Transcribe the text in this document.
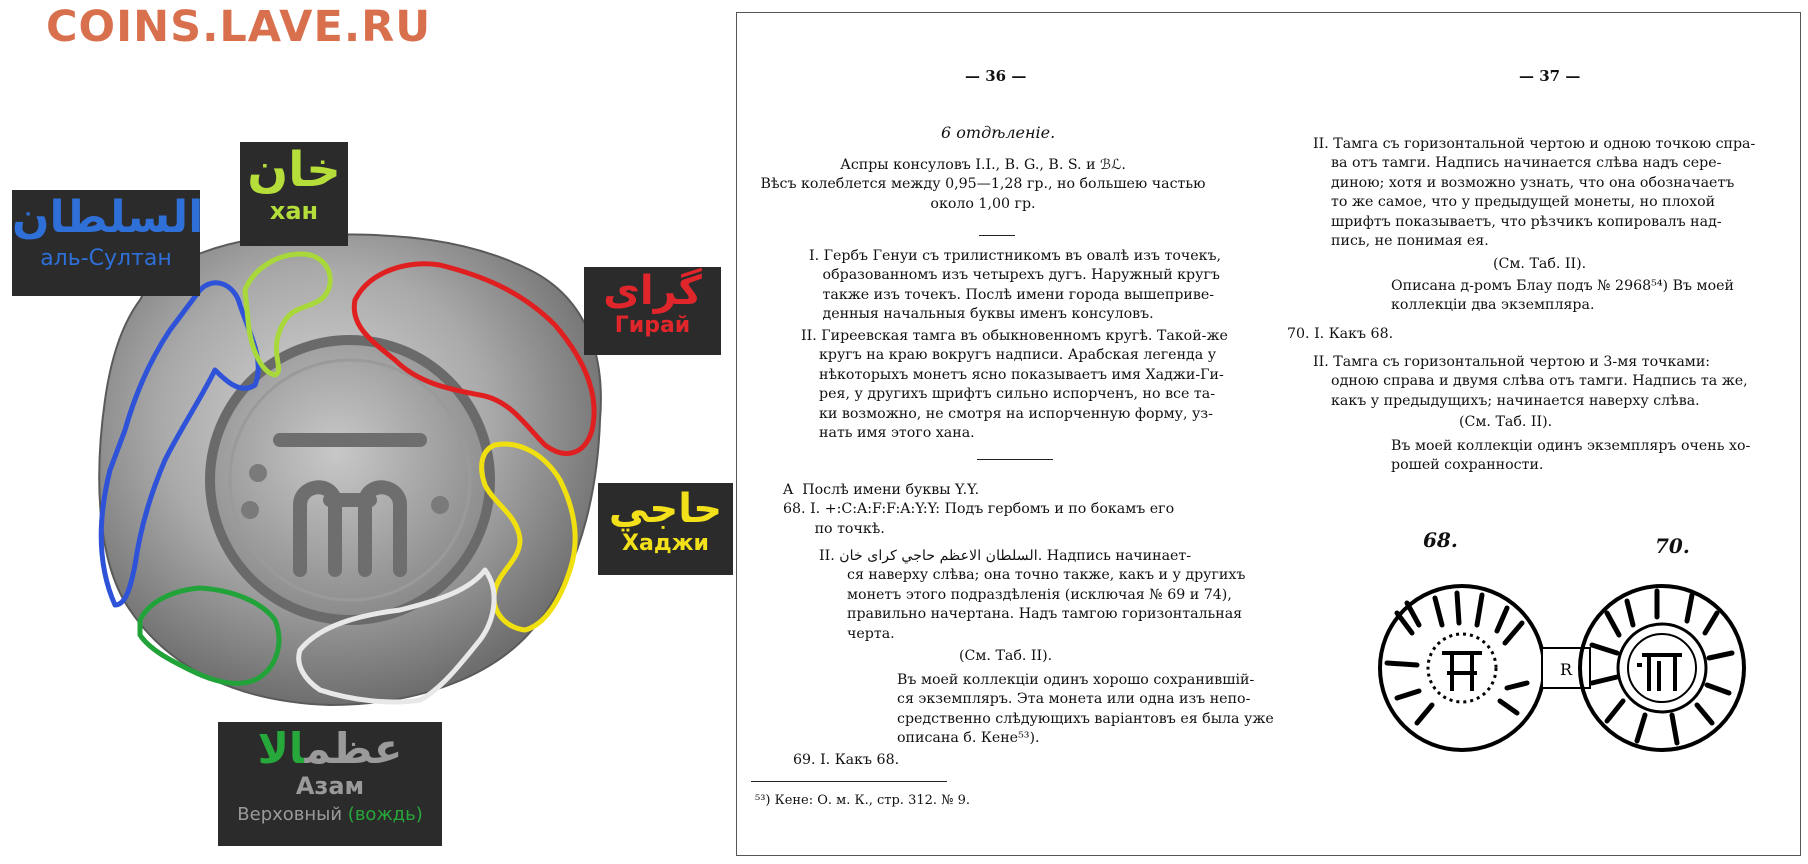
COINS.LAVE.RU
السلطان
аль-Султан
خان
хан
گرای
Гирай
حاجي
Хаджи
عظمالا
Азам
Верховный (вождь)
— 36 —
6 отдѣленіе.
Аспры консуловъ I.I., B. G., B. S. и ℬℒ.
Вѣсъ колеблется между 0,95—1,28 гр., но большею частью
около 1,00 гр.
I. Гербъ Генуи съ трилистникомъ въ овалѣ изъ точекъ,
образованномъ изъ четырехъ дугъ. Наружный кругъ
также изъ точекъ. Послѣ имени города вышеприве-
денныя начальныя буквы именъ консуловъ.
II. Гиреевская тамга въ обыкновенномъ кругѣ. Такой-же
кругъ на краю вокругъ надписи. Арабская легенда у
нѣкоторыхъ монетъ ясно показываетъ имя Хаджи-Ги-
рея, у другихъ шрифтъ сильно испорченъ, но все та-
ки возможно, не смотря на испорченную форму, уз-
нать имя этого хана.
A  Послѣ имени буквы Y.Y.
68. I. +:C:A:F:F:A:Y:Y: Подъ гербомъ и по бокамъ его
по точкѣ.
II. السلطان الاعظم حاجي كراى خان. Надпись начинает-
ся наверху слѣва; она точно также, какъ и у другихъ
монетъ этого подраздѣленія (исключая № 69 и 74),
правильно начертана. Надъ тамгою горизонтальная
черта.
(См. Таб. II).
Въ моей коллекціи одинъ хорошо сохранившій-
ся экземпляръ. Эта монета или одна изъ непо-
средственно слѣдующихъ варіантовъ ея была уже
описана б. Кене⁵³).
69. I. Какъ 68.
⁵³) Кене: О. м. К., стр. 312. № 9.
— 37 —
II. Тамга съ горизонтальной чертою и одною точкою спра-
ва отъ тамги. Надпись начинается слѣва надъ сере-
диною; хотя и возможно узнать, что она обозначаетъ
то же самое, что у предыдущей монеты, но плохой
шрифтъ показываетъ, что рѣзчикъ копировалъ над-
пись, не понимая ея.
(См. Таб. II).
Описана д-ромъ Блау подъ № 2968⁵⁴) Въ моей
коллекціи два экземпляра.
70. I. Какъ 68.
II. Тамга съ горизонтальной чертою и 3-мя точками:
одною справа и двумя слѣва отъ тамги. Надпись та же,
какъ у предыдущихъ; начинается наверху слѣва.
(См. Таб. II).
Въ моей коллекціи одинъ экземпляръ очень хо-
рошей сохранности.
68.	70.
R
